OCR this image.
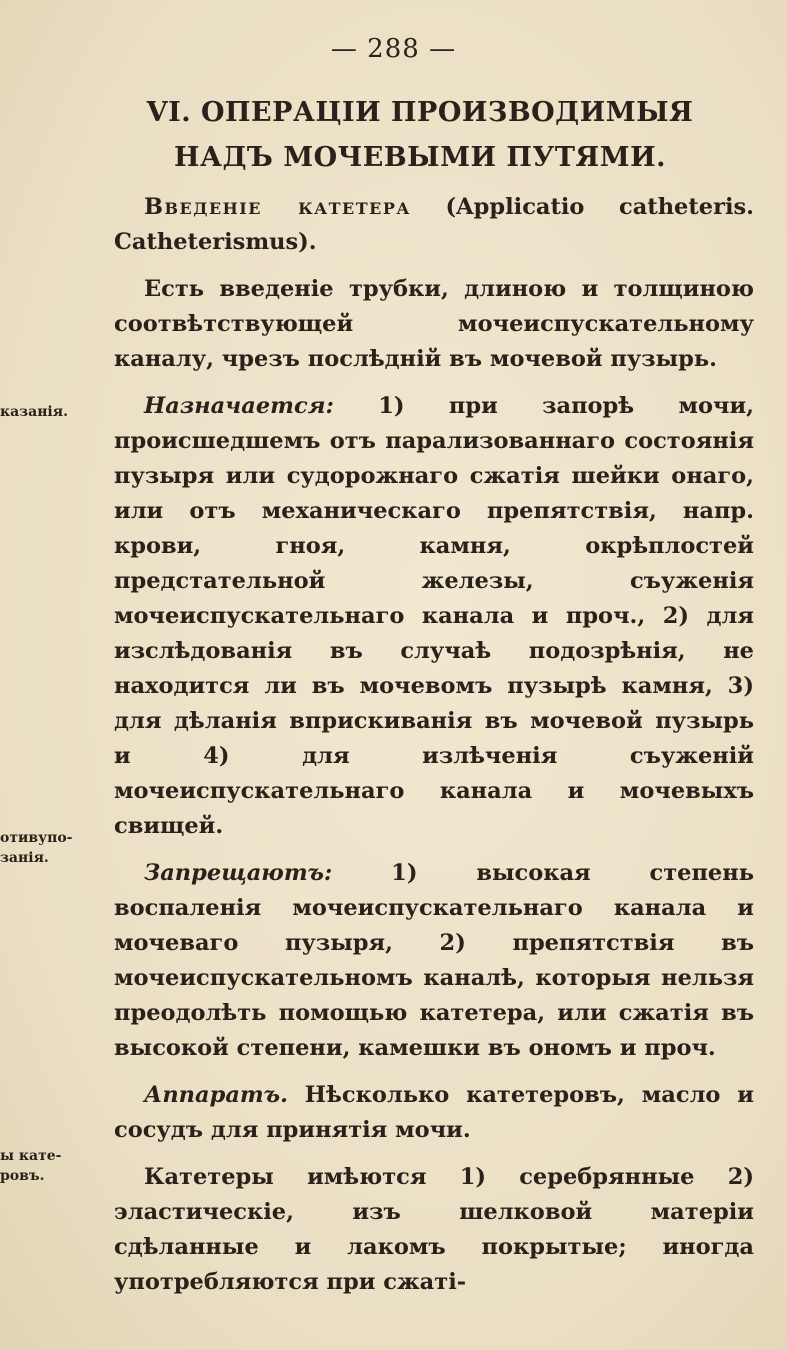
— 288 —
VI. ОПЕРАЦІИ ПРОИЗВОДИМЫЯ НАДЪ МОЧЕВЫМИ ПУТЯМИ.
казанія.
отивупо-
занія.
ы катe-
ровъ.

Введеніе катетера (Applicatio catheteris. Catheterismus).

Есть введеніе трубки, длиною и толщиною соотвѣтствующей мочеиспускательному каналу, чрезъ послѣдній въ мочевой пузырь.

Назначается: 1) при запорѣ мочи, происшедшемъ отъ парализованнаго состоянія пузыря или судорожнаго сжатія шейки онаго, или отъ механическаго препятствія, напр. крови, гноя, камня, окрѣплостей предстательной железы, съуженія мочеиспускательнаго канала и проч., 2) для изслѣдованія въ случаѣ подозрѣнія, не находится ли въ мочевомъ пузырѣ камня, 3) для дѣланія вприскиванія въ мочевой пузырь и 4) для излѣченія съуженій мочеиспускательнаго канала и мочевыхъ свищей.

Запрещаютъ:	1) высокая степень воспаленія мочеиспускательнаго канала и мочеваго пузыря, 2) препятствія въ мочеиспускательномъ каналѣ, которыя нельзя преодолѣть помощью катетера, или сжатія въ высокой степени, камешки въ ономъ и проч.

Аппаратъ. Нѣсколько катетеровъ, масло и сосудъ для принятія мочи.

Катетеры имѣются 1) серебрянные 2) эластическіе, изъ шелковой матеріи сдѣланные и лакомъ покрытые; иногда употребляются при сжаті-
